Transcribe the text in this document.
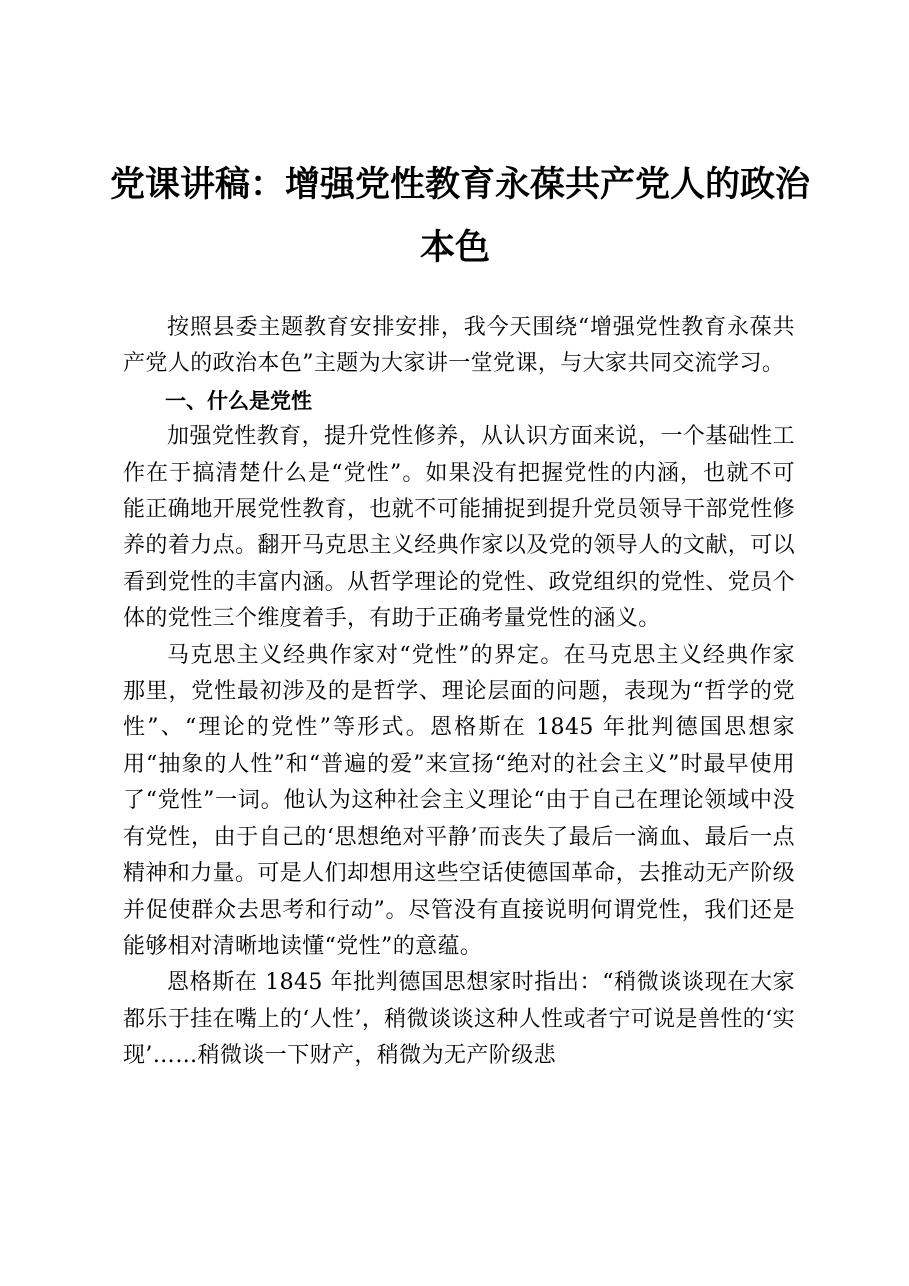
党课讲稿：增强党性教育永葆共产党人的政治
本色

按照县委主题教育安排安排，我今天围绕“增强党性教育永葆共产党人的政治本色”主题为大家讲一堂党课，与大家共同交流学习。

一、什么是党性

加强党性教育，提升党性修养，从认识方面来说，一个基础性工作在于搞清楚什么是“党性”。如果没有把握党性的内涵，也就不可能正确地开展党性教育，也就不可能捕捉到提升党员领导干部党性修养的着力点。翻开马克思主义经典作家以及党的领导人的文献，可以看到党性的丰富内涵。从哲学理论的党性、政党组织的党性、党员个体的党性三个维度着手，有助于正确考量党性的涵义。

马克思主义经典作家对“党性”的界定。在马克思主义经典作家那里，党性最初涉及的是哲学、理论层面的问题，表现为“哲学的党性”、“理论的党性”等形式。恩格斯在 1845 年批判德国思想家用“抽象的人性”和“普遍的爱”来宣扬“绝对的社会主义”时最早使用了“党性”一词。他认为这种社会主义理论“由于自己在理论领域中没有党性，由于自己的‘思想绝对平静’而丧失了最后一滴血、最后一点精神和力量。可是人们却想用这些空话使德国革命，去推动无产阶级并促使群众去思考和行动”。尽管没有直接说明何谓党性，我们还是能够相对清晰地读懂“党性”的意蕴。

恩格斯在 1845 年批判德国思想家时指出：“稍微谈谈现在大家都乐于挂在嘴上的‘人性’，稍微谈谈这种人性或者宁可说是兽性的‘实现’……稍微谈一下财产，稍微为无产阶级悲
